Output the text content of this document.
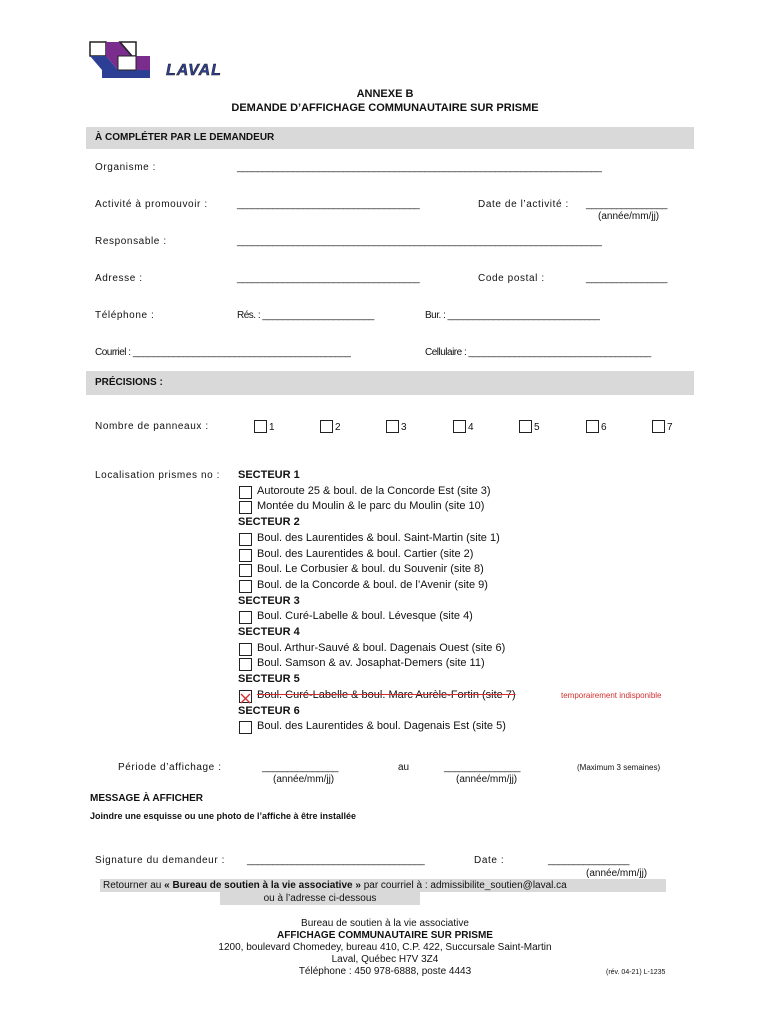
LAVAL
ANNEXE B
DEMANDE D’AFFICHAGE COMMUNAUTAIRE SUR PRISME
À COMPLÉTER PAR LE DEMANDEUR
Organisme :	________________________________________________________________________
Activité à promouvoir :	____________________________________	Date de l’activité : ________________
(année/mm/jj)
Responsable :	________________________________________________________________________
Adresse :	____________________________________	Code postal :	________________
Téléphone :	Rés. : ______________________	Bur. : ______________________________
Courriel : ___________________________________________	Cellulaire : ____________________________________
PRÉCISIONS :
Nombre de panneaux :	1	2	3	4	5	6	7
Localisation prismes no : SECTEUR 1
Autoroute 25 & boul. de la Concorde Est (site 3)
Montée du Moulin & le parc du Moulin (site 10)
SECTEUR 2
Boul. des Laurentides & boul. Saint-Martin (site 1)
Boul. des Laurentides & boul. Cartier (site 2)
Boul. Le Corbusier & boul. du Souvenir (site 8)
Boul. de la Concorde & boul. de l’Avenir (site 9)
SECTEUR 3
Boul. Curé-Labelle & boul. Lévesque (site 4)
SECTEUR 4
Boul. Arthur-Sauvé & boul. Dagenais Ouest (site 6)
Boul. Samson & av. Josaphat-Demers (site 11)
SECTEUR 5
Boul. Curé-Labelle & boul. Marc Aurèle-Fortin (site 7)	temporairement indisponible
SECTEUR 6
Boul. des Laurentides & boul. Dagenais Est (site 5)
Période d’affichage :	_______________
(année/mm/jj)
au	_______________
(année/mm/jj)
(Maximum 3 semaines)
MESSAGE À AFFICHER
Joindre une esquisse ou une photo de l’affiche à être installée
Signature du demandeur : ___________________________________	Date :	________________
(année/mm/jj)
Retourner au « Bureau de soutien à la vie associative » par courriel à : admissibilite_soutien@laval.ca
ou à l’adresse ci-dessous
Bureau de soutien à la vie associative
AFFICHAGE COMMUNAUTAIRE SUR PRISME
1200, boulevard Chomedey, bureau 410, C.P. 422, Succursale Saint-Martin
Laval, Québec H7V 3Z4
Téléphone : 450 978-6888, poste 4443	(rév. 04-21) L-1235
